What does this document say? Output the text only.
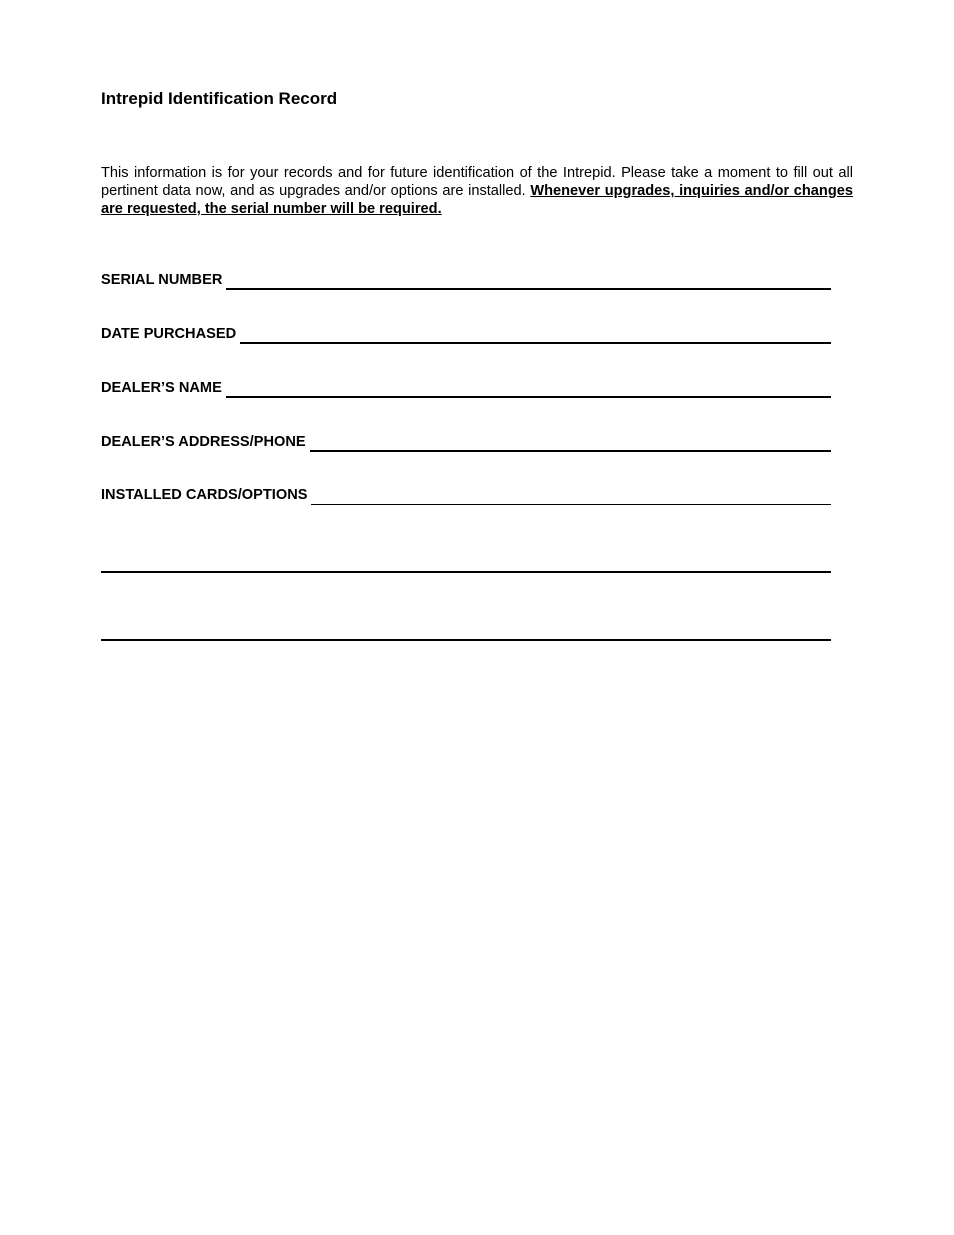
Intrepid Identification Record

This information is for your records and for future identification of the Intrepid. Please take a moment to fill out all pertinent data now, and as upgrades and/or options are installed. Whenever upgrades, inquiries and/or changes are requested, the serial number will be required.

SERIAL NUMBER
DATE PURCHASED
DEALER’S NAME
DEALER’S ADDRESS/PHONE
INSTALLED CARDS/OPTIONS
